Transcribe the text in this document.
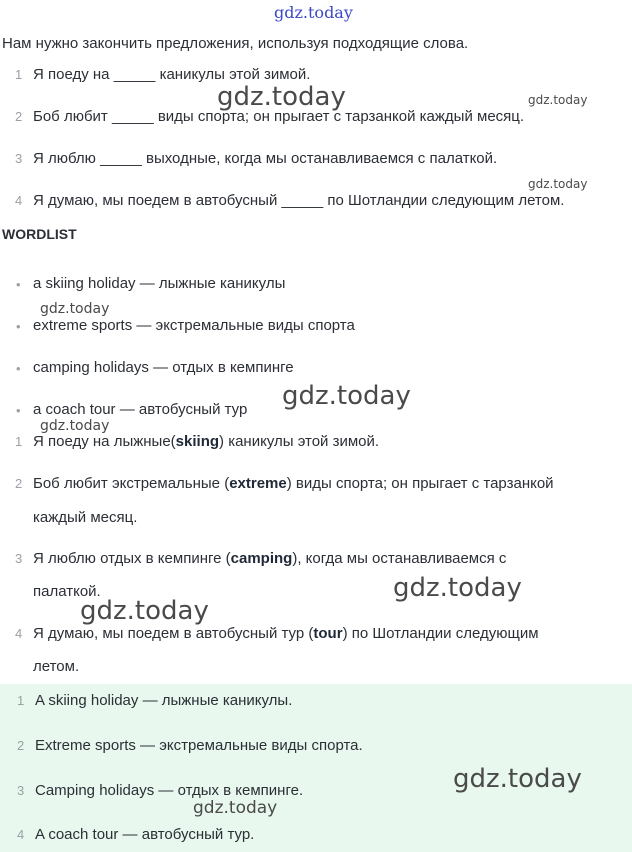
gdz.today
Нам нужно закончить предложения, используя подходящие слова.
1 Я поеду на _____ каникулы этой зимой.
2 Боб любит _____ виды спорта; он прыгает с тарзанкой каждый месяц.
3 Я люблю _____ выходные, когда мы останавливаемся с палаткой.
4 Я думаю, мы поедем в автобусный _____ по Шотландии следующим летом.
WORDLIST
• a skiing holiday — лыжные каникулы
• extreme sports — экстремальные виды спорта
• camping holidays — отдых в кемпинге
• a coach tour — автобусный тур
1 Я поеду на лыжные(skiing) каникулы этой зимой.
2 Боб любит экстремальные (extreme) виды спорта; он прыгает с тарзанкой
каждый месяц.
3 Я люблю отдых в кемпинге (camping), когда мы останавливаемся с
палаткой.
4 Я думаю, мы поедем в автобусный тур (tour) по Шотландии следующим
летом.
1 A skiing holiday — лыжные каникулы.
2 Extreme sports — экстремальные виды спорта.
3 Camping holidays — отдых в кемпинге.
4 A coach tour — автобусный тур.
gdz.today	gdz.today
gdz.today
gdz.today
gdz.today
gdz.today
gdz.today
gdz.today
gdz.today
gdz.today
